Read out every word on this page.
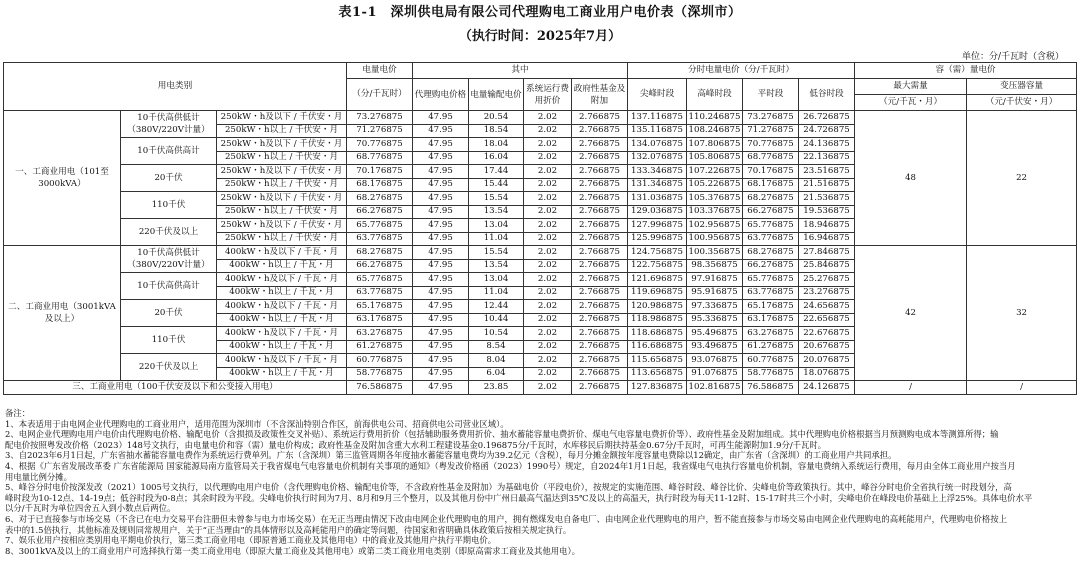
表1-1　深圳供电局有限公司代理购电工商业用户电价表（深圳市）
（执行时间：2025年7月）
单位：分/千瓦时（含税）
用电类别			电量电价	其中				分时电量电价（分/千瓦时）				容（需）量电价	
			（分/千瓦时）	代理购电价格	电量输配电价	系统运行费用折价	政府性基金及附加	尖峰时段	高峰时段	平时段	低谷时段	最大需量	变压器容量
												（元/千瓦・月）	（元/千伏安・月）
一、工商业用电（101至3000kVA）	10千伏高供低计（380V/220V计量）	250kW・h及以下 / 千伏安・月	73.276875	47.95	20.54	2.02	2.766875	137.116875	110.246875	73.276875	26.726875	48	22
		250kW・h以上 / 千伏安・月	71.276875	47.95	18.54	2.02	2.766875	135.116875	108.246875	71.276875	24.726875		
	10千伏高供高计	250kW・h及以下 / 千伏安・月	70.776875	47.95	18.04	2.02	2.766875	134.076875	107.806875	70.776875	24.136875		
		250kW・h以上 / 千伏安・月	68.776875	47.95	16.04	2.02	2.766875	132.076875	105.806875	68.776875	22.136875		
	20千伏	250kW・h及以下 / 千伏安・月	70.176875	47.95	17.44	2.02	2.766875	133.346875	107.226875	70.176875	23.516875		
		250kW・h以上 / 千伏安・月	68.176875	47.95	15.44	2.02	2.766875	131.346875	105.226875	68.176875	21.516875		
	110千伏	250kW・h及以下 / 千伏安・月	68.276875	47.95	15.54	2.02	2.766875	131.036875	105.376875	68.276875	21.536875		
		250kW・h以上 / 千伏安・月	66.276875	47.95	13.54	2.02	2.766875	129.036875	103.376875	66.276875	19.536875		
	220千伏及以上	250kW・h及以下 / 千伏安・月	65.776875	47.95	13.04	2.02	2.766875	127.996875	102.956875	65.776875	18.946875		
		250kW・h以上 / 千伏安・月	63.776875	47.95	11.04	2.02	2.766875	125.996875	100.956875	63.776875	16.946875		
二、工商业用电（3001kVA及以上）	10千伏高供低计（380V/220V计量）	400kW・h及以下 / 千瓦・月	68.276875	47.95	15.54	2.02	2.766875	124.756875	100.356875	68.276875	27.846875	42	32
		400kW・h以上 / 千瓦・月	66.276875	47.95	13.54	2.02	2.766875	122.756875	98.356875	66.276875	25.846875		
	10千伏高供高计	400kW・h及以下 / 千瓦・月	65.776875	47.95	13.04	2.02	2.766875	121.696875	97.916875	65.776875	25.276875		
		400kW・h以上 / 千瓦・月	63.776875	47.95	11.04	2.02	2.766875	119.696875	95.916875	63.776875	23.276875		
	20千伏	400kW・h及以下 / 千瓦・月	65.176875	47.95	12.44	2.02	2.766875	120.986875	97.336875	65.176875	24.656875		
		400kW・h以上 / 千瓦・月	63.176875	47.95	10.44	2.02	2.766875	118.986875	95.336875	63.176875	22.656875		
	110千伏	400kW・h及以下 / 千瓦・月	63.276875	47.95	10.54	2.02	2.766875	118.686875	95.496875	63.276875	22.676875		
		400kW・h以上 / 千瓦・月	61.276875	47.95	8.54	2.02	2.766875	116.686875	93.496875	61.276875	20.676875		
	220千伏及以上	400kW・h及以下 / 千瓦・月	60.776875	47.95	8.04	2.02	2.766875	115.656875	93.076875	60.776875	20.076875		
		400kW・h以上 / 千瓦・月	58.776875	47.95	6.04	2.02	2.766875	113.656875	91.076875	58.776875	18.076875		
三、工商业用电（100千伏安及以下和公变接入用电）			76.586875	47.95	23.85	2.02	2.766875	127.836875	102.816875	76.586875	24.126875	/	/
备注：
1、本表适用于由电网企业代理购电的工商业用户，适用范围为深圳市（不含深汕特别合作区，前海供电公司、招商供电公司营业区域）。
2、电网企业代理购电用户电价由代理购电价格、输配电价（含损损及政策性交叉补贴）、系统运行费用折价（包括辅助服务费用折价、抽水蓄能容量电费折价、煤电气电容量电费折价等）、政府性基金及附加组成。其中代理购电价格根据当月预测购电成本等测算所得；输
配电价按照粤发改价格（2023）148号文执行，由电量电价和容（需）量电价构成；政府性基金及附加含重大水利工程建设基金0.196875分/千瓦时，水库移民后期扶持基金0.67分/千瓦时，可再生能源附加1.9分/千瓦时。
3、自2023年6月1日起，广东省抽水蓄能容量电费作为系统运行费单列。广东（含深圳）第三监管周期各年度抽水蓄能容量电费均为39.2亿元（含税），每月分摊金额按年度容量电费除以12确定，由广东省（含深圳）的工商业用户共同承担。
4、根据《广东省发展改革委 广东省能源局 国家能源局南方监管局关于我省煤电气电容量电价机制有关事项的通知》（粤发改价格函（2023）1990号）规定，自2024年1月1日起，我省煤电气电执行容量电价机制，容量电费纳入系统运行费用，每月由全体工商业用户按当月
用电量比例分摊。
5、峰谷分时电价按深发改（2021）1005号文执行，以代理购电用户电价（含代理购电价格、输配电价等，不含政府性基金及附加）为基础电价（平段电价），按规定的实施范围、峰谷时段、峰谷比价、尖峰电价等政策执行。其中，峰谷分时电价全省执行统一时段划分，高
峰时段为10-12点、14-19点；低谷时段为0-8点；其余时段为平段。尖峰电价执行时间为7月、8月和9月三个整月，以及其他月份中广州日最高气温达到35℃及以上的高温天，执行时段为每天11-12时、15-17时共三个小时，尖峰电价在峰段电价基础上上浮25%。具体电价水平
以分/千瓦时为单位四舍五入到小数点后两位。
6、对于已直接参与市场交易（不含已在电力交易平台注册但未曾参与电力市场交易）在无正当理由情况下改由电网企业代理购电的用户，拥有燃煤发电自备电厂、由电网企业代理购电的用户，暂不能直接参与市场交易由电网企业代理购电的高耗能用户，代理购电价格按上
表中的1.5倍执行，其他标准及规则同常规用户，关于“正当理由”的具体情形以及高耗能用户的确定等问题，待国家和省明确具体政策后按相关规定执行。
7、娱乐业用户按相应类别用电平期电价执行，第三类工商业用电（即原普通工商业及其他用电）中的商业及其他用户执行平期电价。
8、3001kVA及以上的工商业用户可选择执行第一类工商业用电（即原大量工商业及其他用电）或第二类工商业用电类别（即原高需求工商业及其他用电）。
